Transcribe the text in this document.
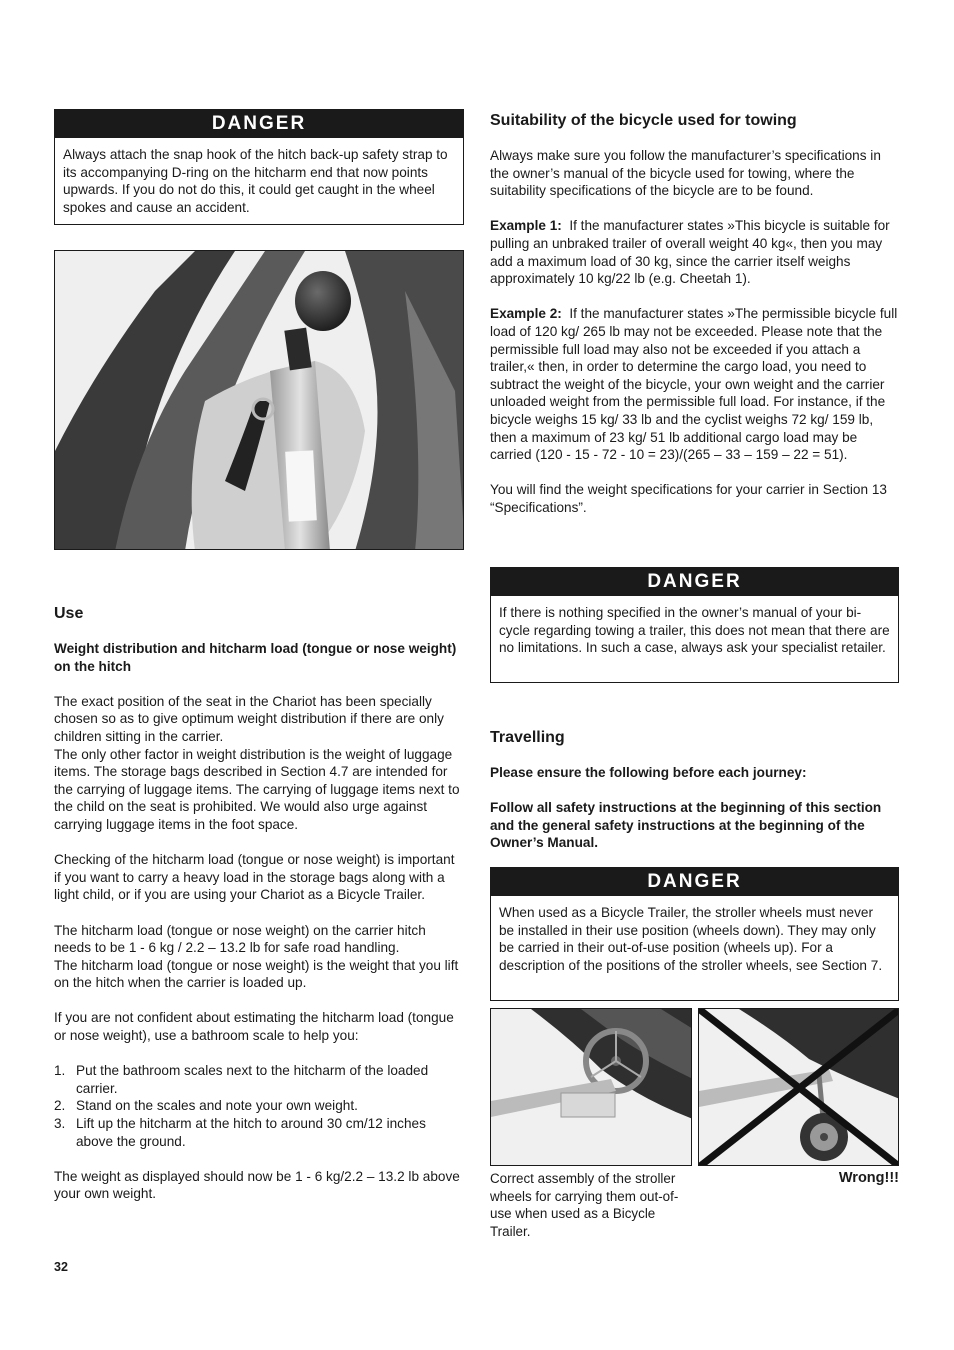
DANGER
Always attach the snap hook of the hitch back-up safety strap to its accompanying D-ring on the hitcharm end that now points upwards. If you do not do this, it could get caught in the wheel spokes and cause an accident.
Use
Weight distribution and hitcharm load (tongue or nose weight) on the hitch
The exact position of the seat in the Chariot has been specially chosen so as to give optimum weight distribution if there are only children sitting in the carrier.
The only other factor in weight distribution is the weight of luggage items. The storage bags described in Section 4.7 are intended for the carrying of luggage items. The carrying of luggage items next to the child on the seat is prohibited. We would also urge against carrying luggage items in the foot space.
Checking of the hitcharm load (tongue or nose weight) is important if you want to carry a heavy load in the storage bags along with a light child, or if you are using your Chariot as a Bicycle Trailer.
The hitcharm load (tongue or nose weight) on the carrier hitch needs to be 1 - 6 kg / 2.2 – 13.2 lb for safe road handling.
The hitcharm load (tongue or nose weight) is the weight that you lift on the hitch when the carrier is loaded up.
If you are not confident about estimating the hitcharm load (tongue or nose weight), use a bathroom scale to help you:
1. Put the bathroom scales next to the hitcharm of the loaded carrier.
2. Stand on the scales and note your own weight.
3. Lift up the hitcharm at the hitch to around 30 cm/12 inches above the ground.
The weight as displayed should now be 1 - 6 kg/2.2 – 13.2 lb above your own weight.
32
Suitability of the bicycle used for towing
Always make sure you follow the manufacturer’s specifications in the owner’s manual of the bicycle used for towing, where the suitability specifications of the bicycle are to be found.
Example 1: If the manufacturer states »This bicycle is suitable for pulling an unbraked trailer of overall weight 40 kg«, then you may add a maximum load of 30 kg, since the carrier itself weighs approximately 10 kg/22 lb (e.g. Cheetah 1).
Example 2: If the manufacturer states »The permissible bicycle full load of 120 kg/ 265 lb may not be exceeded. Please note that the permissible full load may also not be exceeded if you attach a trailer,« then, in order to determine the cargo load, you need to subtract the weight of the bicycle, your own weight and the carrier unloaded weight from the permissible full load. For instance, if the bicycle weighs 15 kg/ 33 lb and the cyclist weighs 72 kg/ 159 lb, then a maximum of 23 kg/ 51 lb additional cargo load may be carried (120 - 15 - 72 - 10 = 23)/(265 – 33 – 159 – 22 = 51).
You will find the weight specifications for your carrier in Section 13 “Specifications”.
DANGER
If there is nothing specified in the owner’s manual of your bi-cycle regarding towing a trailer, this does not mean that there are no limitations. In such a case, always ask your specialist retailer.
Travelling
Please ensure the following before each journey:
Follow all safety instructions at the beginning of this section and the general safety instructions at the beginning of the Owner’s Manual.
DANGER
When used as a Bicycle Trailer, the stroller wheels must never be installed in their use position (wheels down). They may only be carried in their out-of-use position (wheels up). For a description of the positions of the stroller wheels, see Section 7.
Correct assembly of the stroller wheels for carrying them out-of-use when used as a Bicycle Trailer.
Wrong!!!
